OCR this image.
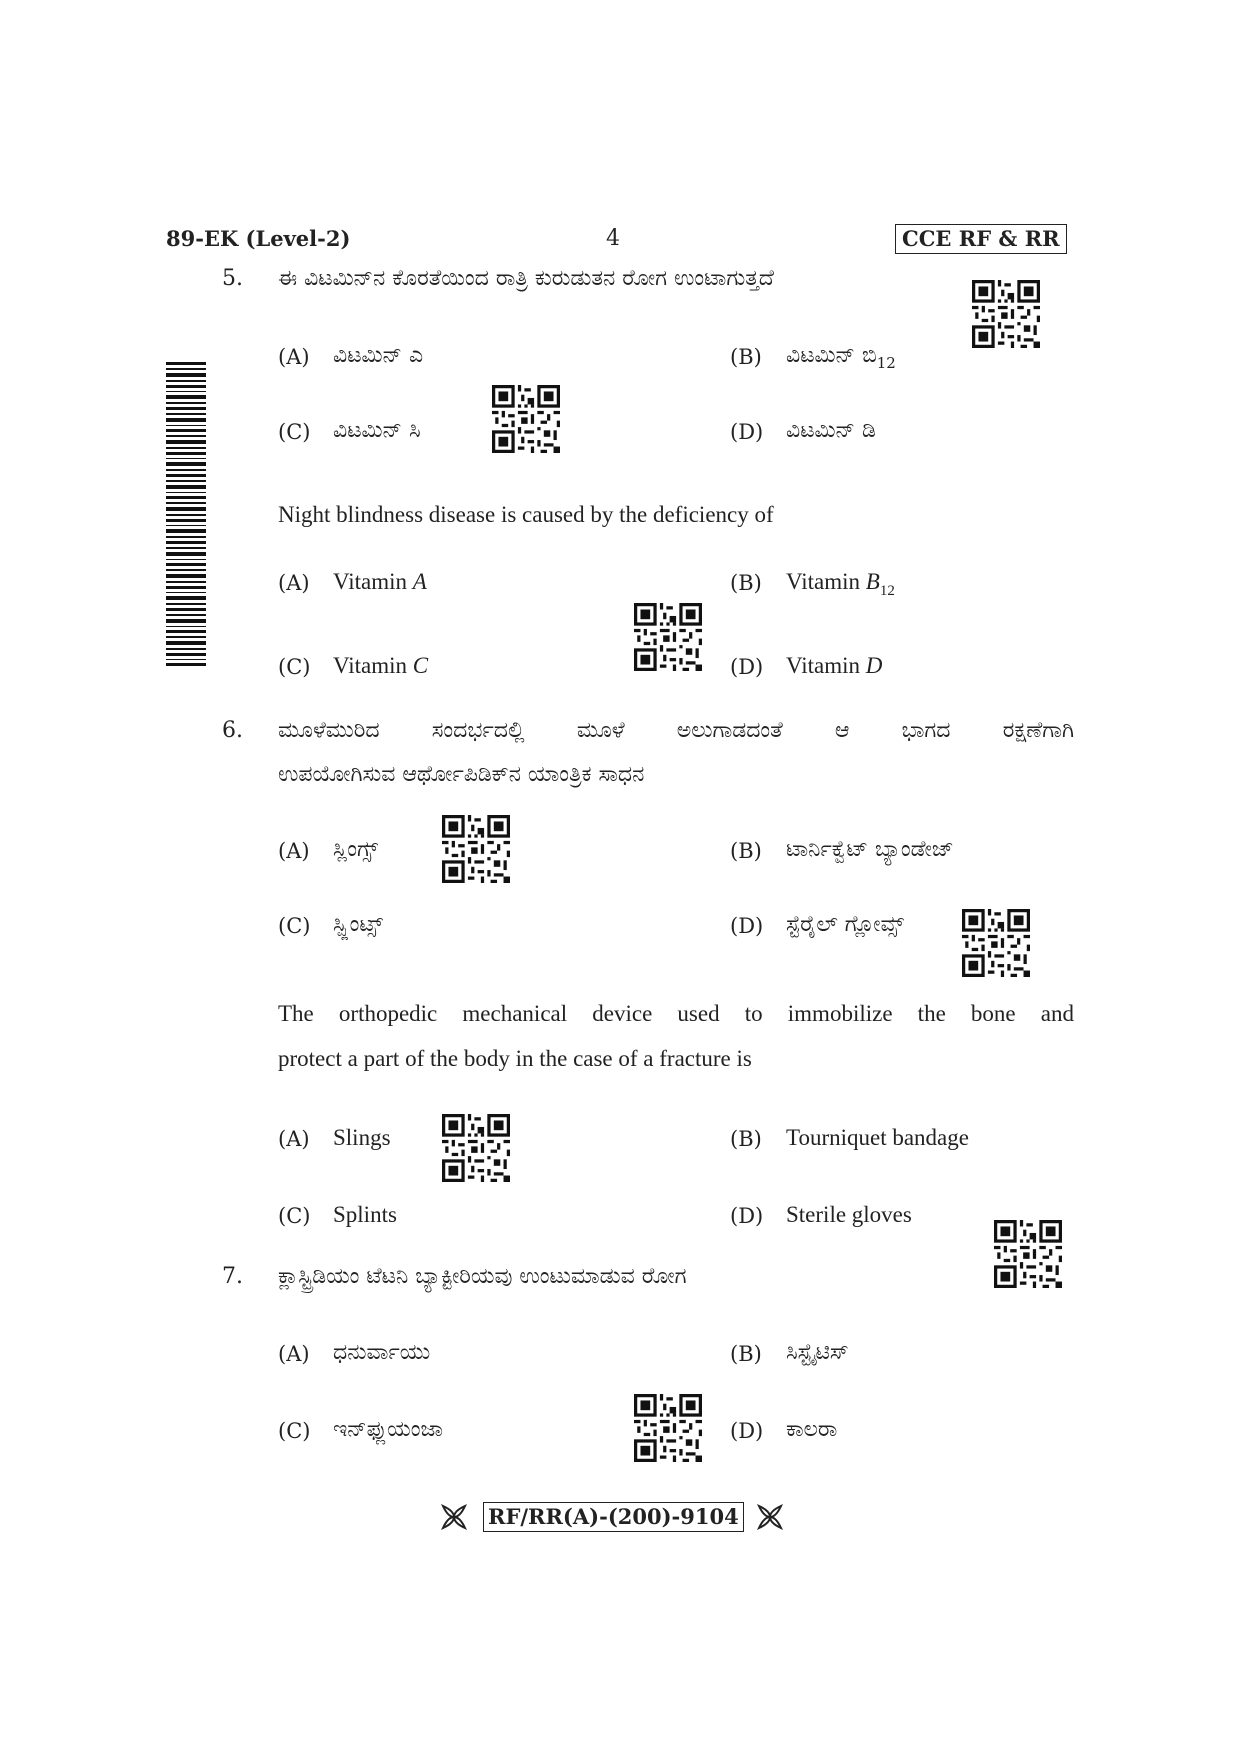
89-EK (Level-2)	4	CCE RF & RR
5. ಈ ವಿಟಮಿನ್‌ನ ಕೊರತೆಯಿಂದ ರಾತ್ರಿ ಕುರುಡುತನ ರೋಗ ಉಂಟಾಗುತ್ತದೆ
(A) ವಿಟಮಿನ್ ಎ	(B) ವಿಟಮಿನ್ $ಬಿ_{12}$
(C) ವಿಟಮಿನ್ ಸಿ	(D) ವಿಟಮಿನ್ ಡಿ
Night blindness disease is caused by the deficiency of
(A) Vitamin A	(B) Vitamin $B_{12}$
(C) Vitamin C	(D) Vitamin D
6. ಮೂಳೆಮುರಿದ ಸಂದರ್ಭದಲ್ಲಿ ಮೂಳೆ ಅಲುಗಾಡದಂತೆ ಆ ಭಾಗದ ರಕ್ಷಣೆಗಾಗಿ
ಉಪಯೋಗಿಸುವ ಆರ್ಥೋಪಿಡಿಕ್‌ನ ಯಾಂತ್ರಿಕ ಸಾಧನ
(A) ಸ್ಲಿಂಗ್ಸ್	(B) ಟಾರ್ನಿಕ್ವೆಟ್ ಬ್ಯಾಂಡೇಜ್
(C) ಸ್ಪ್ಲಿಂಟ್ಸ್	(D) ಸ್ಟೆರೈಲ್ ಗ್ಲೋವ್ಸ್
The orthopedic mechanical device used to immobilize the bone and
protect a part of the body in the case of a fracture is
(A) Slings	(B) Tourniquet bandage
(C) Splints	(D) Sterile gloves
7. ಕ್ಲಾಸ್ಟ್ರಿಡಿಯಂ ಟೆಟನಿ ಬ್ಯಾಕ್ಟೀರಿಯವು ಉಂಟುಮಾಡುವ ರೋಗ
(A) ಧನುರ್ವಾಯು	(B) ಸಿಸ್ಟೈಟಿಸ್
(C) ಇನ್‌ಫ್ಲುಯಂಜಾ	(D) ಕಾಲರಾ
RF/RR(A)-(200)-9104
